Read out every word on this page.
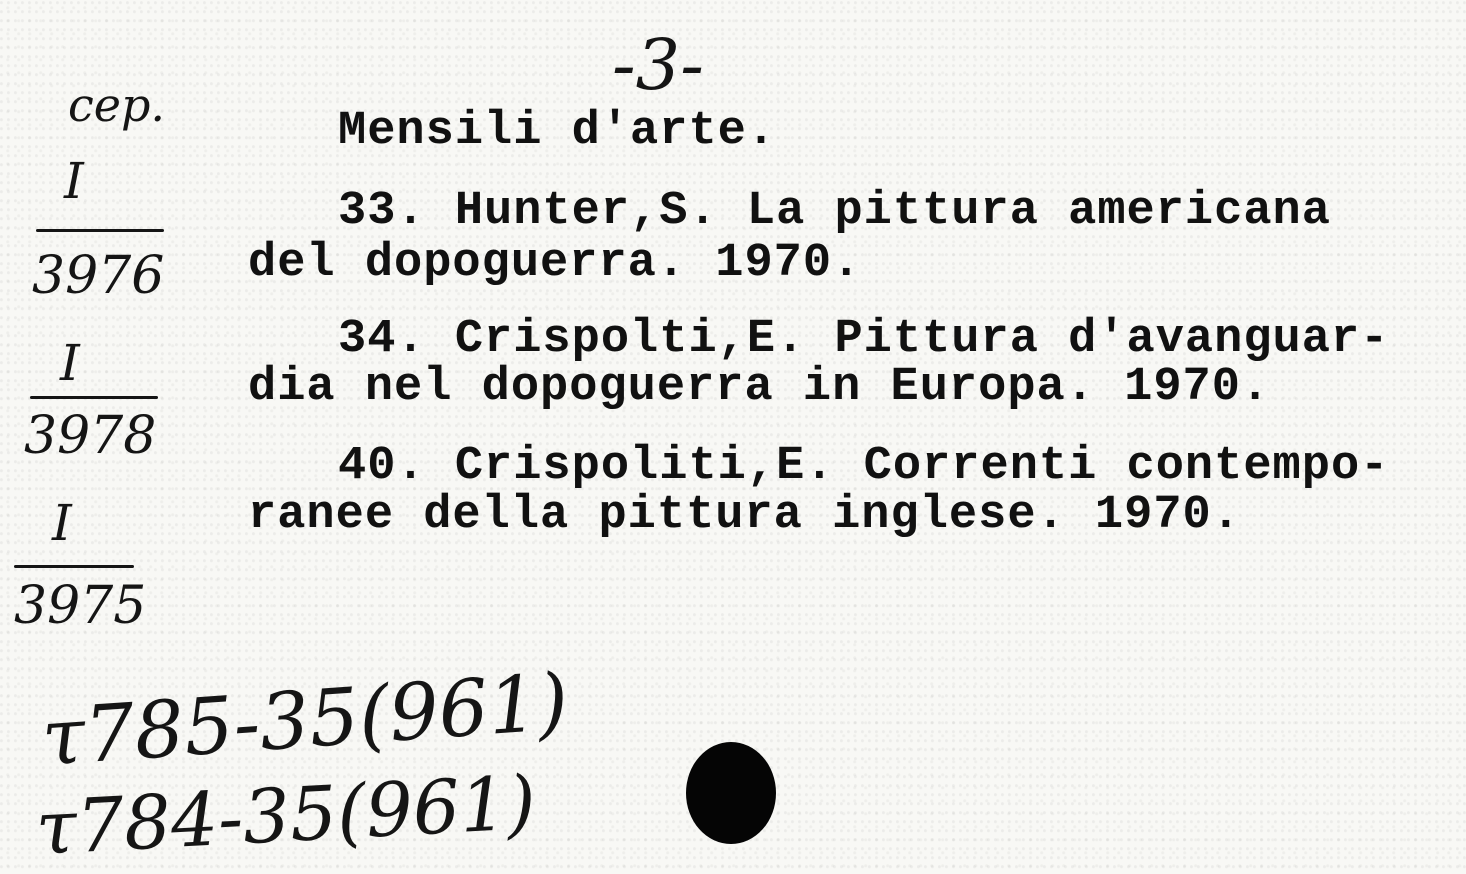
-3-
cep.
I
3976
I
3978
I
3975
Mensili d'arte.
33. Hunter,S. La pittura americana
del dopoguerra. 1970.
34. Crispolti,E. Pittura d'avanguar-
dia nel dopoguerra in Europa. 1970.
40. Crispoliti,E. Correnti contempo-
ranee della pittura inglese. 1970.
τ785-35(961)
τ784-35(961)
